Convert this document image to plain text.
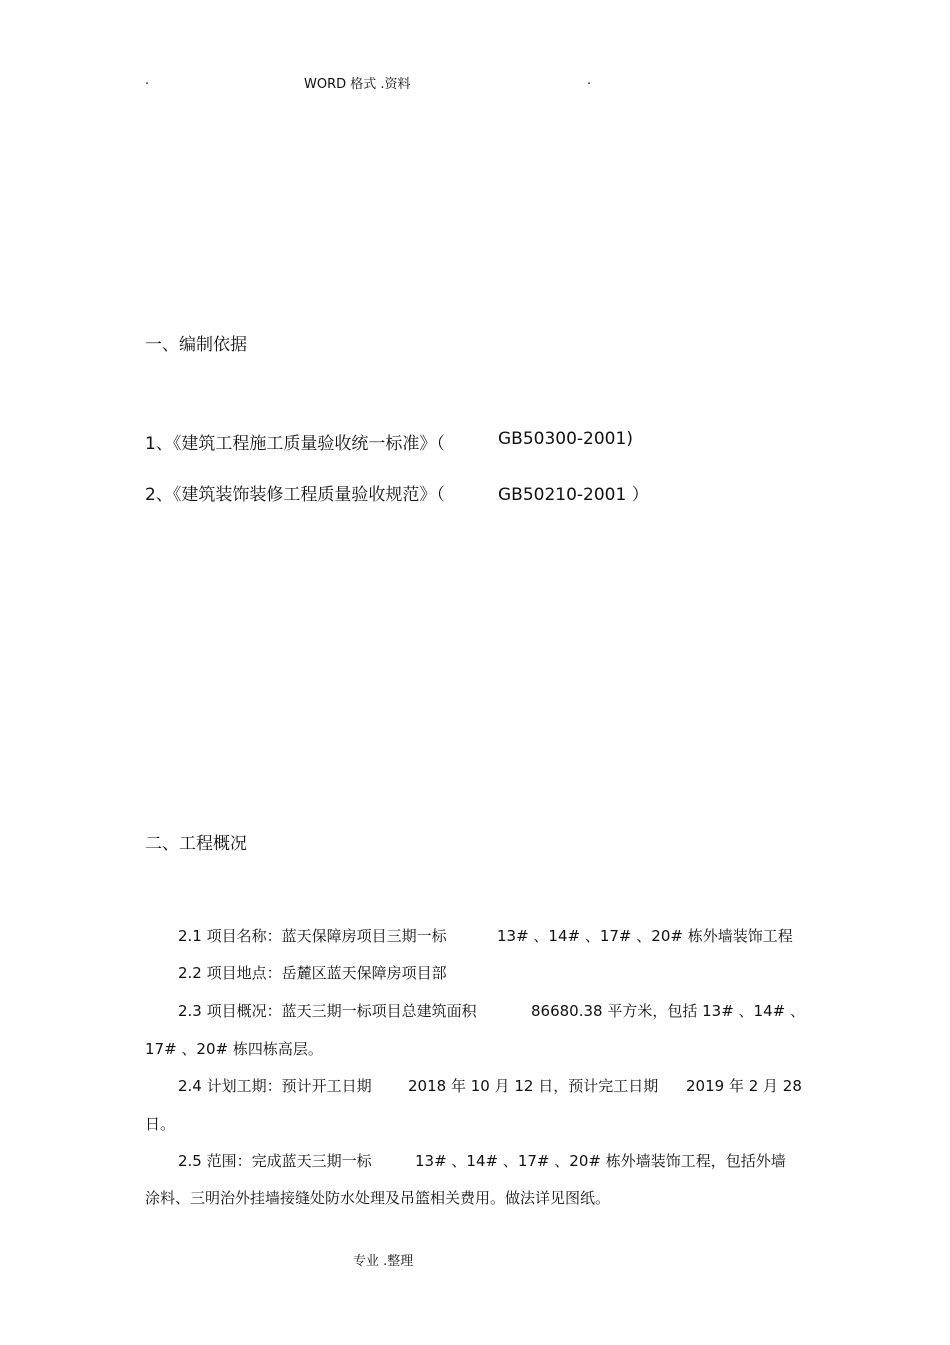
.	WORD 格式 .资料	.
一、编制依据
1、《建筑工程施工质量验收统一标准》（	GB50300-2001)
2、《建筑装饰装修工程质量验收规范》（	GB50210-2001 ）
二、工程概况
2.1 项目名称：蓝天保障房项目三期一标	13# 、14# 、17# 、20# 栋外墙装饰工程
2.2 项目地点：岳麓区蓝天保障房项目部
2.3 项目概况：蓝天三期一标项目总建筑面积	86680.38 平方米，包括 13# 、14# 、
17# 、20# 栋四栋高层。
2.4 计划工期：预计开工日期 2018 年 10 月 12 日，预计完工日期 2019 年 2 月 28
日。
2.5 范围：完成蓝天三期一标	13# 、14# 、17# 、20# 栋外墙装饰工程，包括外墙
涂料、三明治外挂墙接缝处防水处理及吊篮相关费用。做法详见图纸。
专业 .整理
